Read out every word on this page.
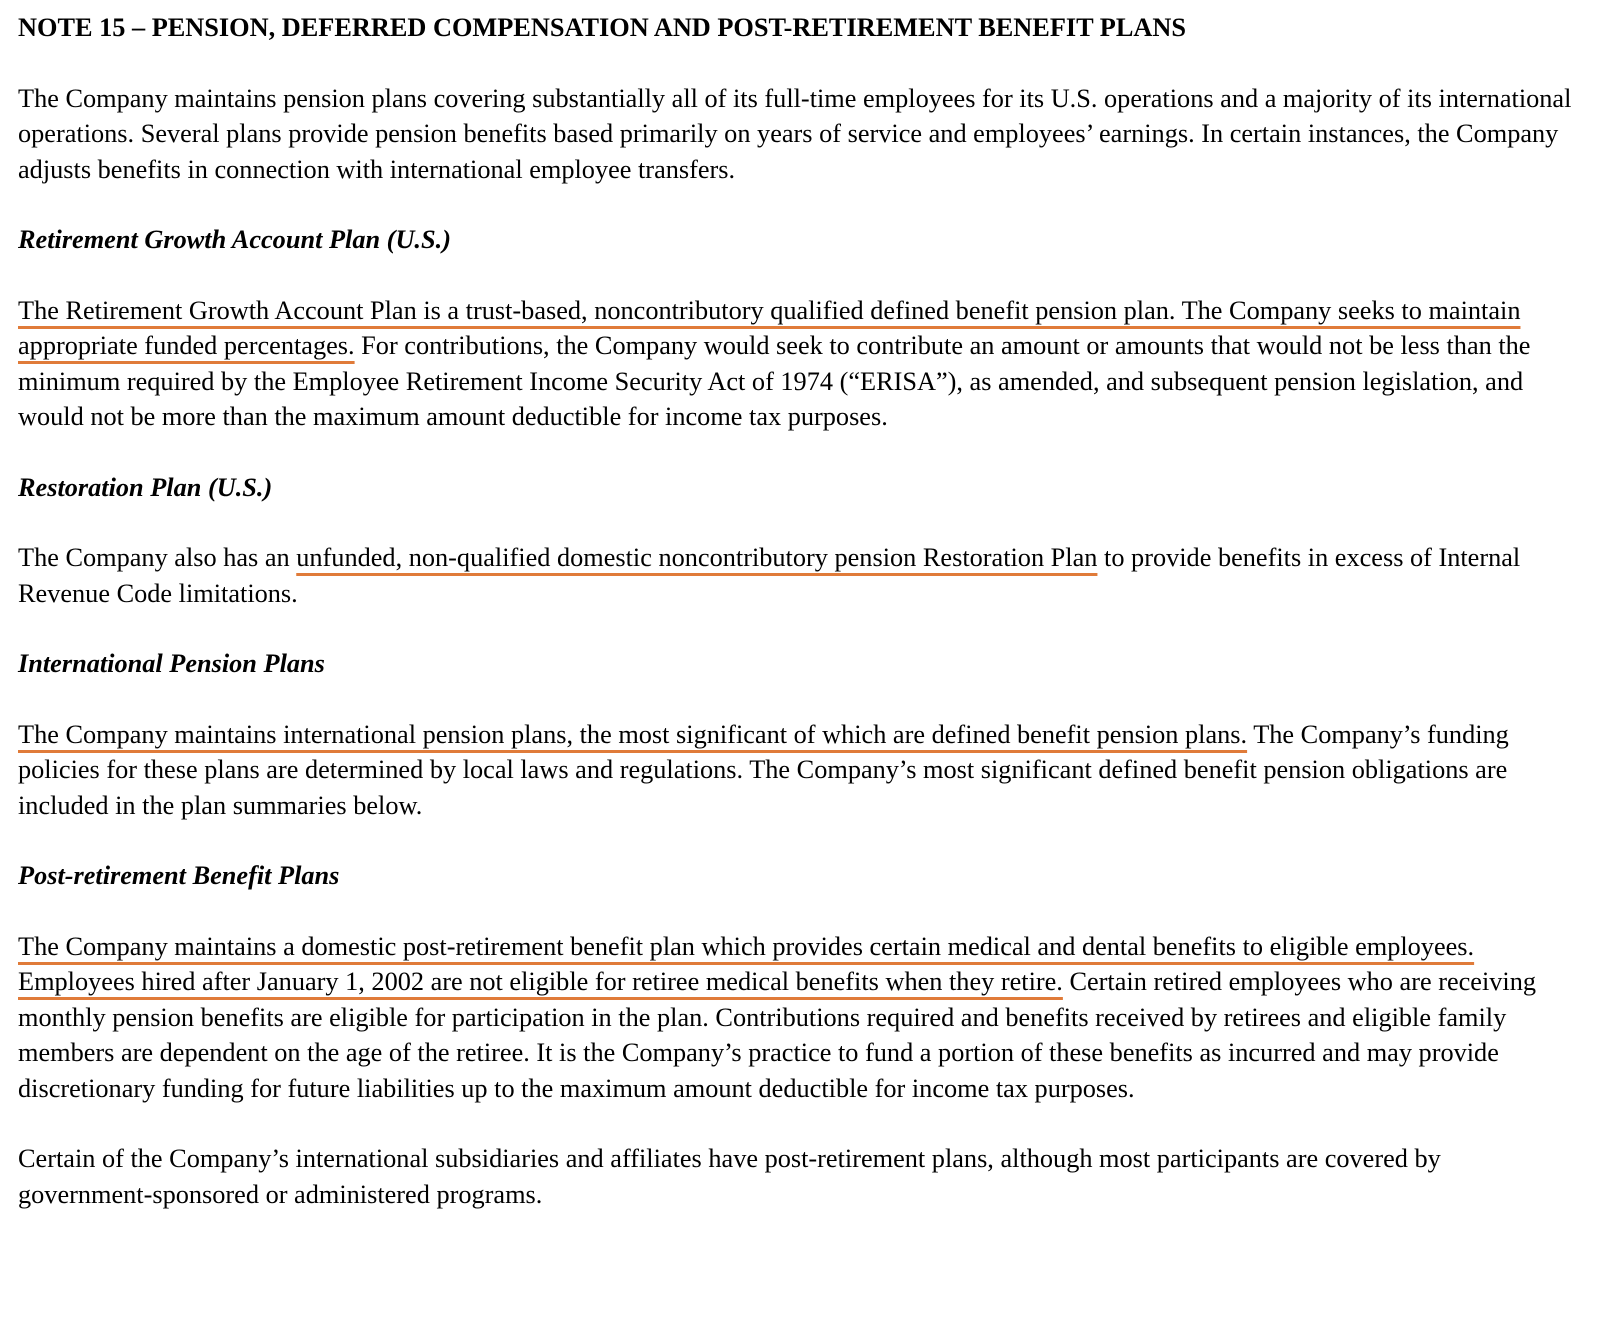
NOTE 15 – PENSION, DEFERRED COMPENSATION AND POST-RETIREMENT BENEFIT PLANS

The Company maintains pension plans covering substantially all of its full-time employees for its U.S. operations and a majority of its international operations. Several plans provide pension benefits based primarily on years of service and employees’ earnings. In certain instances, the Company adjusts benefits in connection with international employee transfers.

Retirement Growth Account Plan (U.S.)

The Retirement Growth Account Plan is a trust-based, noncontributory qualified defined benefit pension plan. The Company seeks to maintain appropriate funded percentages. For contributions, the Company would seek to contribute an amount or amounts that would not be less than the minimum required by the Employee Retirement Income Security Act of 1974 (“ERISA”), as amended, and subsequent pension legislation, and would not be more than the maximum amount deductible for income tax purposes.

Restoration Plan (U.S.)

The Company also has an unfunded, non-qualified domestic noncontributory pension Restoration Plan to provide benefits in excess of Internal Revenue Code limitations.

International Pension Plans

The Company maintains international pension plans, the most significant of which are defined benefit pension plans. The Company’s funding policies for these plans are determined by local laws and regulations. The Company’s most significant defined benefit pension obligations are included in the plan summaries below.

Post-retirement Benefit Plans

The Company maintains a domestic post-retirement benefit plan which provides certain medical and dental benefits to eligible employees. Employees hired after January 1, 2002 are not eligible for retiree medical benefits when they retire. Certain retired employees who are receiving monthly pension benefits are eligible for participation in the plan. Contributions required and benefits received by retirees and eligible family members are dependent on the age of the retiree. It is the Company’s practice to fund a portion of these benefits as incurred and may provide discretionary funding for future liabilities up to the maximum amount deductible for income tax purposes.

Certain of the Company’s international subsidiaries and affiliates have post-retirement plans, although most participants are covered by government-sponsored or administered programs.
